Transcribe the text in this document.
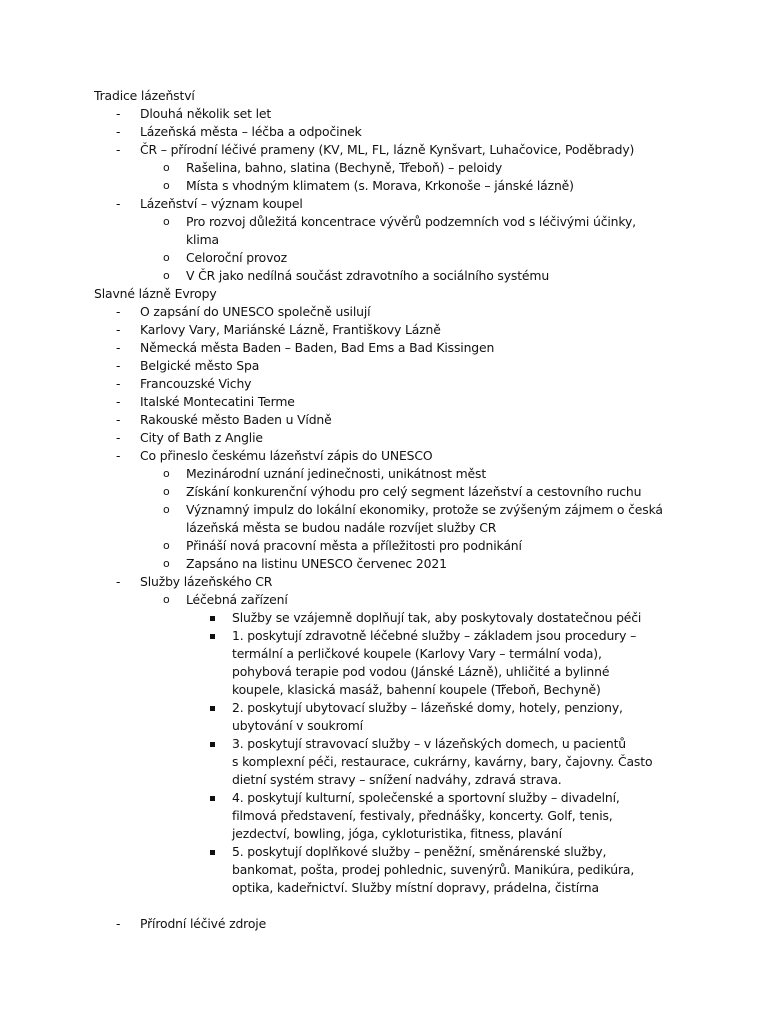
Tradice lázeňství
- Dlouhá několik set let
- Lázeňská města – léčba a odpočinek
- ČR – přírodní léčivé prameny (KV, ML, FL, lázně Kynšvart, Luhačovice, Poděbrady)
o Rašelina, bahno, slatina (Bechyně, Třeboň) – peloidy
o Místa s vhodným klimatem (s. Morava, Krkonoše – jánské lázně)
- Lázeňství – význam koupel
o Pro rozvoj důležitá koncentrace vývěrů podzemních vod s léčivými účinky,
klima
o Celoroční provoz
o V ČR jako nedílná součást zdravotního a sociálního systému
Slavné lázně Evropy
- O zapsání do UNESCO společně usilují
- Karlovy Vary, Mariánské Lázně, Františkovy Lázně
- Německá města Baden – Baden, Bad Ems a Bad Kissingen
- Belgické město Spa
- Francouzské Vichy
- Italské Montecatini Terme
- Rakouské město Baden u Vídně
- City of Bath z Anglie
- Co přineslo českému lázeňství zápis do UNESCO
o Mezinárodní uznání jedinečnosti, unikátnost měst
o Získání konkurenční výhodu pro celý segment lázeňství a cestovního ruchu
o Významný impulz do lokální ekonomiky, protože se zvýšeným zájmem o česká
lázeňská města se budou nadále rozvíjet služby CR
o Přináší nová pracovní města a příležitosti pro podnikání
o Zapsáno na listinu UNESCO červenec 2021
- Služby lázeňského CR
o Léčebná zařízení
Služby se vzájemně doplňují tak, aby poskytovaly dostatečnou péči
1. poskytují zdravotně léčebné služby – základem jsou procedury –
termální a perličkové koupele (Karlovy Vary – termální voda),
pohybová terapie pod vodou (Jánské Lázně), uhličité a bylinné
koupele, klasická masáž, bahenní koupele (Třeboň, Bechyně)
2. poskytují ubytovací služby – lázeňské domy, hotely, penziony,
ubytování v soukromí
3. poskytují stravovací služby – v lázeňských domech, u pacientů
s komplexní péči, restaurace, cukrárny, kavárny, bary, čajovny. Často
dietní systém stravy – snížení nadváhy, zdravá strava.
4. poskytují kulturní, společenské a sportovní služby – divadelní,
filmová představení, festivaly, přednášky, koncerty. Golf, tenis,
jezdectví, bowling, jóga, cykloturistika, fitness, plavání
5. poskytují doplňkové služby – peněžní, směnárenské služby,
bankomat, pošta, prodej pohlednic, suvenýrů. Manikúra, pedikúra,
optika, kadeřnictví. Služby místní dopravy, prádelna, čistírna
- Přírodní léčivé zdroje
